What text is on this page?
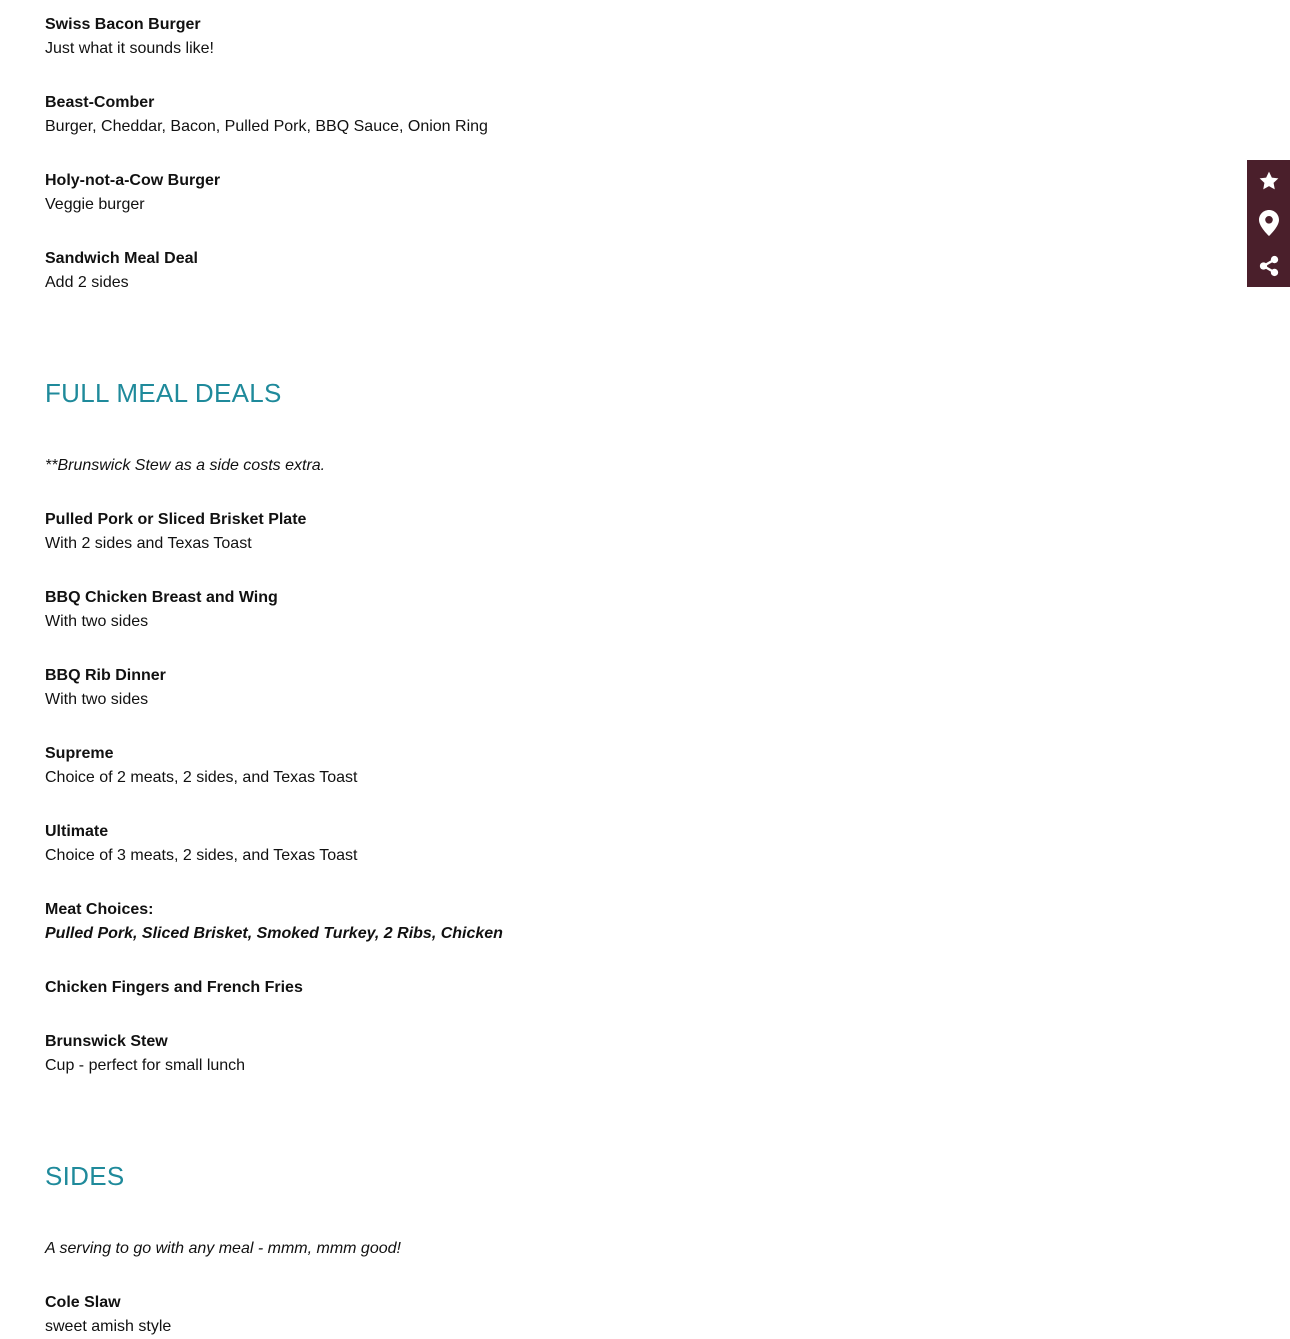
Swiss Bacon Burger
Just what it sounds like!
Beast-Comber
Burger, Cheddar, Bacon, Pulled Pork, BBQ Sauce, Onion Ring
Holy-not-a-Cow Burger
Veggie burger
Sandwich Meal Deal
Add 2 sides
FULL MEAL DEALS
**Brunswick Stew as a side costs extra.
Pulled Pork or Sliced Brisket Plate
With 2 sides and Texas Toast
BBQ Chicken Breast and Wing
With two sides
BBQ Rib Dinner
With two sides
Supreme
Choice of 2 meats, 2 sides, and Texas Toast
Ultimate
Choice of 3 meats, 2 sides, and Texas Toast
Meat Choices:
Pulled Pork, Sliced Brisket, Smoked Turkey, 2 Ribs, Chicken
Chicken Fingers and French Fries
Brunswick Stew
Cup - perfect for small lunch
SIDES
A serving to go with any meal - mmm, mmm good!
Cole Slaw
sweet amish style
